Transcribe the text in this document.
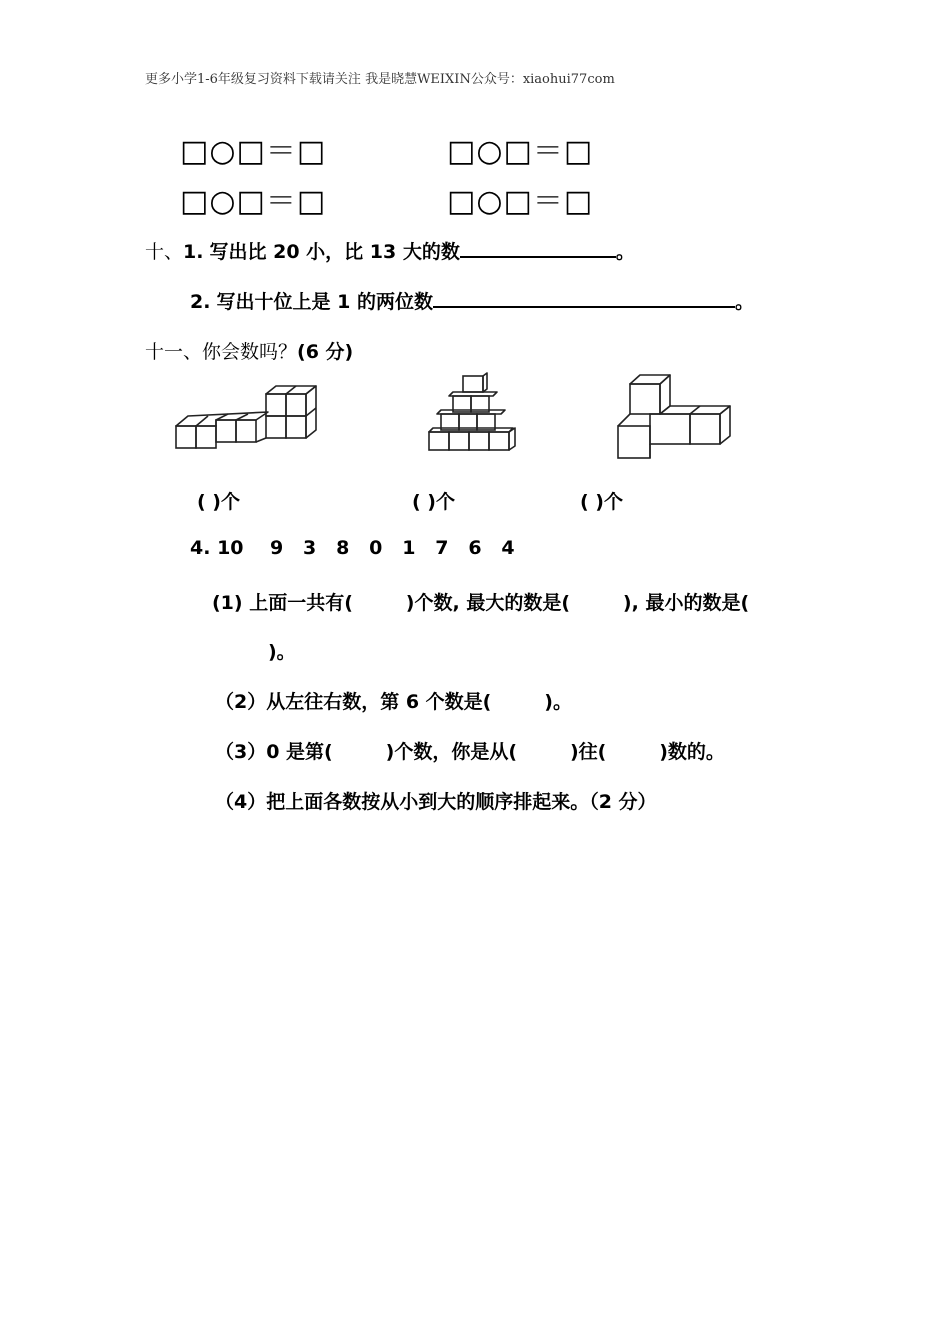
更多小学1-6年级复习资料下载请关注 我是晓慧WEIXIN公众号：xiaohui77com
□○□＝□	□○□＝□
□○□＝□	□○□＝□
十、1. 写出比 20 小，比 13 大的数	。
2. 写出十位上是 1 的两位数	。
十一、你会数吗？(6 分)
( )个	( )个	( )个
4. 10    9   3   8   0   1   7   6   4
(1) 上面一共有(        )个数, 最大的数是(        ), 最小的数是(
)。
（2）从左往右数，第 6 个数是(        )。
（3）0 是第(        )个数，你是从(        )往(        )数的。
（4）把上面各数按从小到大的顺序排起来。（2 分）
